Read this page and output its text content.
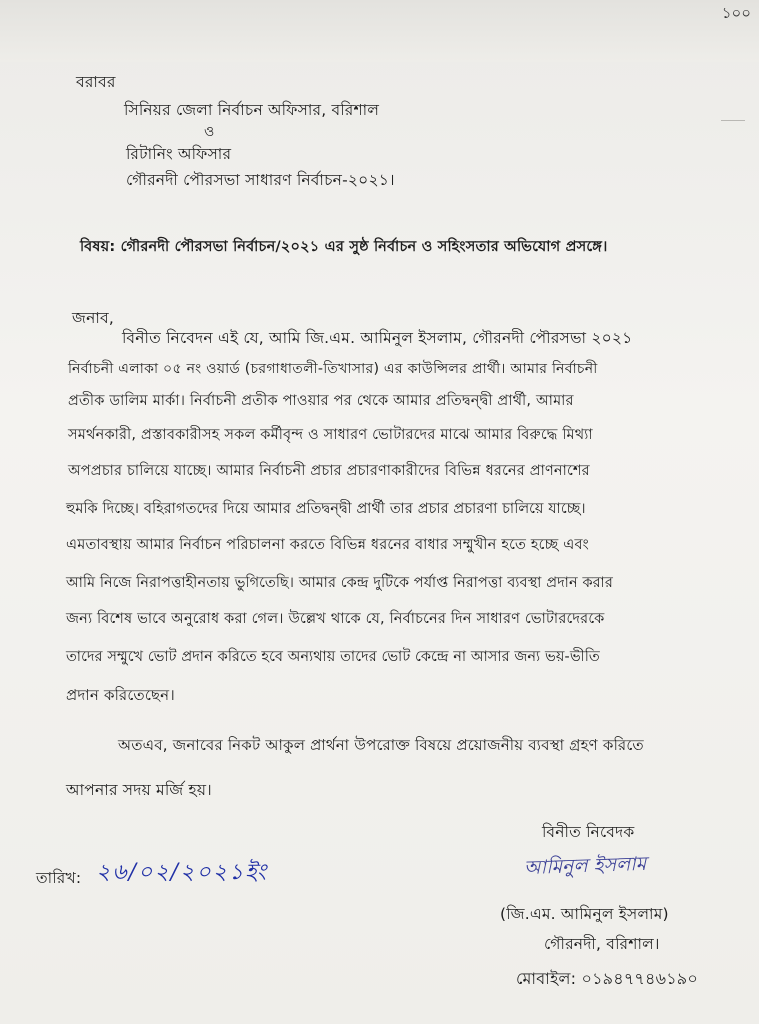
১০০
বরাবর
সিনিয়র জেলা নির্বাচন অফিসার, বরিশাল
ও
রিটানিং অফিসার
গৌরনদী পৌরসভা সাধারণ নির্বাচন-২০২১।
বিষয়: গৌরনদী পৌরসভা নির্বাচন/২০২১ এর সুষ্ঠ নির্বাচন ও সহিংসতার অভিযোগ প্রসঙ্গে।
জনাব,
বিনীত নিবেদন এই যে, আমি জি.এম. আমিনুল ইসলাম, গৌরনদী পৌরসভা ২০২১
নির্বাচনী এলাকা ০৫ নং ওয়ার্ড (চরগাধাতলী-তিখাসার) এর কাউন্সিলর প্রার্থী। আমার নির্বাচনী
প্রতীক ডালিম মার্কা। নির্বাচনী প্রতীক পাওয়ার পর থেকে আমার প্রতিদ্বন্দ্বী প্রার্থী, আমার
সমর্থনকারী, প্রস্তাবকারীসহ সকল কর্মীবৃন্দ ও সাধারণ ভোটারদের মাঝে আমার বিরুদ্ধে মিথ্যা
অপপ্রচার চালিয়ে যাচ্ছে। আমার নির্বাচনী প্রচার প্রচারণাকারীদের বিভিন্ন ধরনের প্রাণনাশের
হুমকি দিচ্ছে। বহিরাগতদের দিয়ে আমার প্রতিদ্বন্দ্বী প্রার্থী তার প্রচার প্রচারণা চালিয়ে যাচ্ছে।
এমতাবস্থায় আমার নির্বাচন পরিচালনা করতে বিভিন্ন ধরনের বাধার সম্মুখীন হতে হচ্ছে এবং
আমি নিজে নিরাপত্তাহীনতায় ভুগিতেছি। আমার কেন্দ্র দুটিকে পর্যাপ্ত নিরাপত্তা ব্যবস্থা প্রদান করার
জন্য বিশেষ ভাবে অনুরোধ করা গেল। উল্লেখ থাকে যে, নির্বাচনের দিন সাধারণ ভোটারদেরকে
তাদের সম্মুখে ভোট প্রদান করিতে হবে অন্যথায় তাদের ভোট কেন্দ্রে না আসার জন্য ভয়-ভীতি
প্রদান করিতেছেন।
অতএব, জনাবের নিকট আকুল প্রার্থনা উপরোক্ত বিষয়ে প্রয়োজনীয় ব্যবস্থা গ্রহণ করিতে
আপনার সদয় মর্জি হয়।
বিনীত নিবেদক
তারিখ: ২৬/০২/২০২১ইং	আমিনুল ইসলাম
(জি.এম. আমিনুল ইসলাম)
গৌরনদী, বরিশাল।
মোবাইল: ০১৯৪৭৭৪৬১৯০
